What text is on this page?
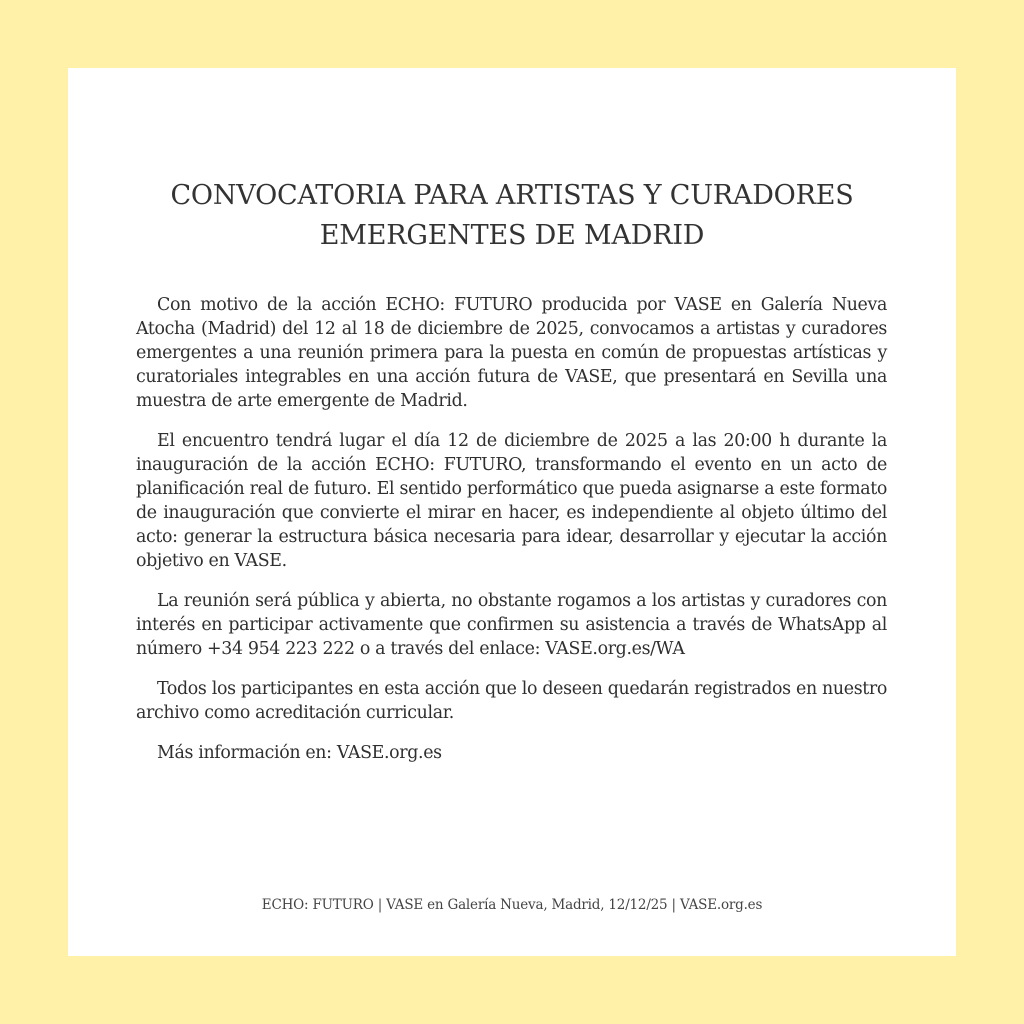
CONVOCATORIA PARA ARTISTAS Y CURADORES
EMERGENTES DE MADRID

Con motivo de la acción ECHO: FUTURO producida por VASE en Galería Nueva Atocha (Madrid) del 12 al 18 de diciembre de 2025, convocamos a artistas y curadores emergentes a una reunión primera para la puesta en común de propuestas artísticas y curatoriales integrables en una acción futura de VASE, que presentará en Sevilla una muestra de arte emergente de Madrid.

El encuentro tendrá lugar el día 12 de diciembre de 2025 a las 20:00 h durante la inauguración de la acción ECHO: FUTURO, transformando el evento en un acto de planificación real de futuro. El sentido performático que pueda asignarse a este formato de inauguración que convierte el mirar en hacer, es independiente al objeto último del acto: generar la estructura básica necesaria para idear, desarrollar y ejecutar la acción objetivo en VASE.

La reunión será pública y abierta, no obstante rogamos a los artistas y curadores con interés en participar activamente que confirmen su asistencia a través de WhatsApp al número +34 954 223 222 o a través del enlace: VASE.org.es/WA

Todos los participantes en esta acción que lo deseen quedarán registrados en nuestro archivo como acreditación curricular.

Más información en: VASE.org.es

ECHO: FUTURO | VASE en Galería Nueva, Madrid, 12/12/25 | VASE.org.es
